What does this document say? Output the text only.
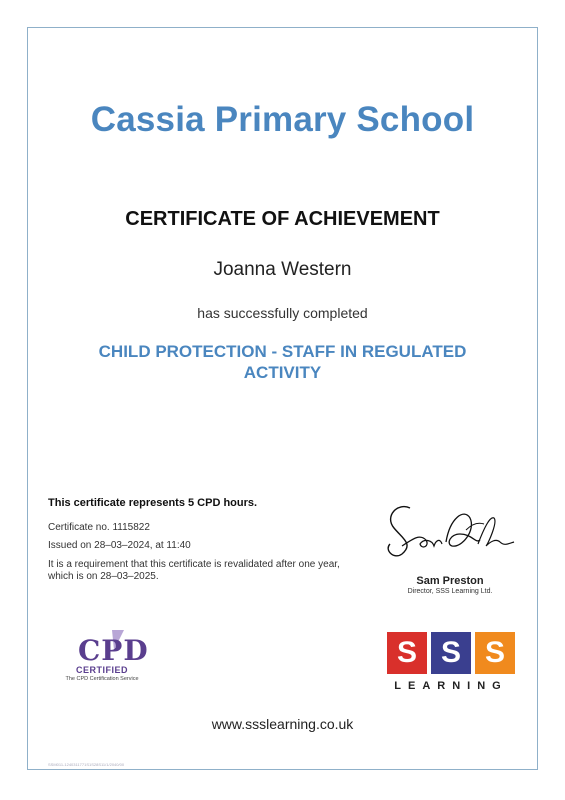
Cassia Primary School
CERTIFICATE OF ACHIEVEMENT
Joanna Western
has successfully completed
CHILD PROTECTION - STAFF IN REGULATED ACTIVITY
This certificate represents 5 CPD hours.
Certificate no. 1115822
Issued on 28–03–2024, at 11:40
It is a requirement that this certificate is revalidated after one year, which is on 28–03–2025.	Sam Preston
Director, SSS Learning Ltd.
CPD
CERTIFIED
The CPD Certification Service
S S S
LEARNING
www.ssslearning.co.uk
SSM011-1240311771S1S28S11/1/2040/00
